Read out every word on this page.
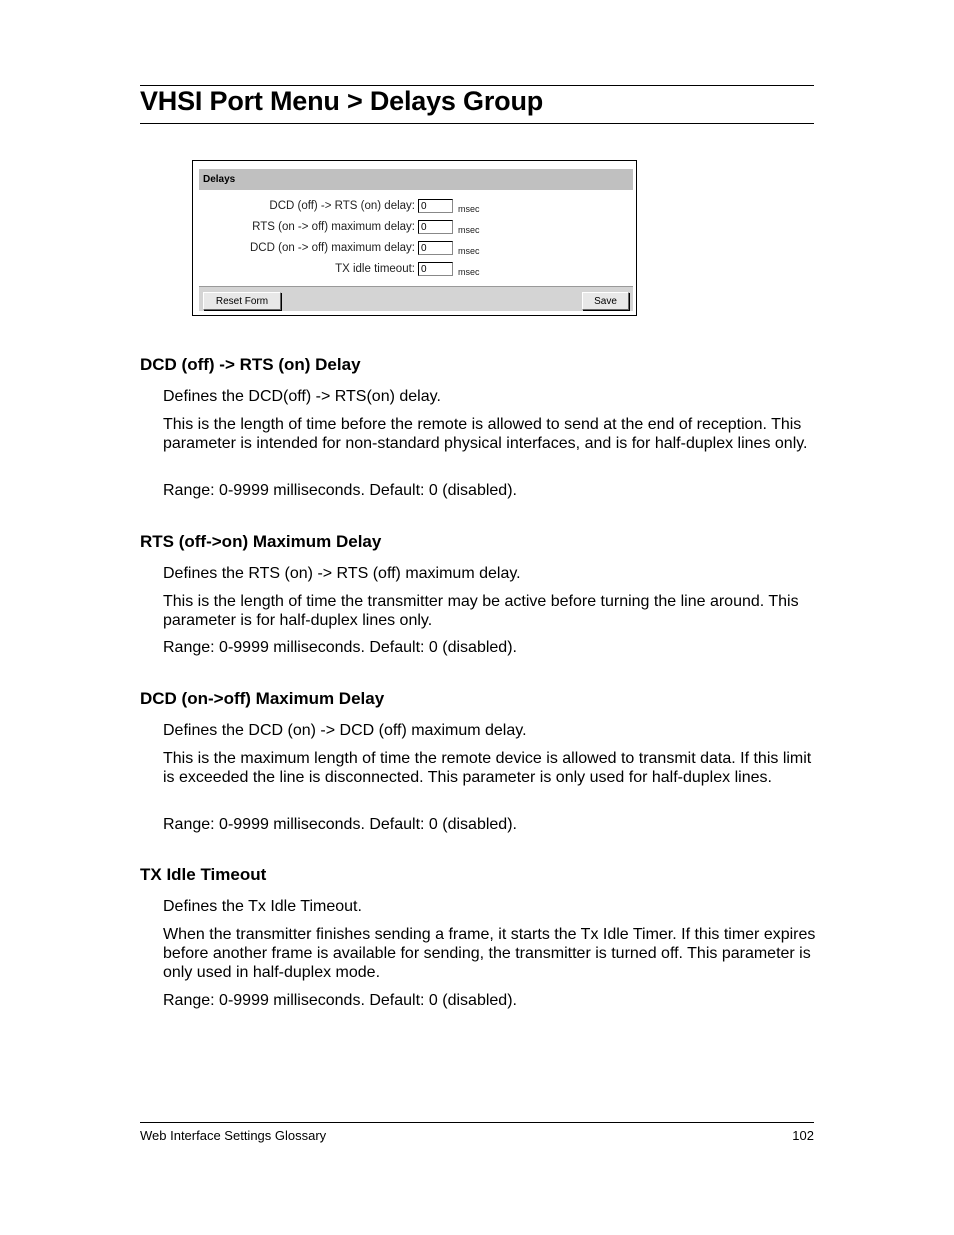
VHSI Port Menu > Delays Group
Delays
DCD (off) -> RTS (on) delay:
0	msec
RTS (on -> off) maximum delay:
0	msec
DCD (on -> off) maximum delay:
0	msec
TX idle timeout:
0	msec
Reset Form	Save
DCD (off) -> RTS (on) Delay

Defines the DCD(off) -> RTS(on) delay.

This is the length of time before the remote is allowed to send at the end of reception. This parameter is intended for non-standard physical interfaces, and is for half-duplex lines only.

Range: 0-9999 milliseconds. Default: 0 (disabled).

RTS (off->on) Maximum Delay

Defines the RTS (on) -> RTS (off) maximum delay.

This is the length of time the transmitter may be active before turning the line around. This parameter is for half-duplex lines only.

Range: 0-9999 milliseconds. Default: 0 (disabled).

DCD (on->off) Maximum Delay

Defines the DCD (on) -> DCD (off) maximum delay.

This is the maximum length of time the remote device is allowed to transmit data. If this limit is exceeded the line is disconnected. This parameter is only used for half-duplex lines.

Range: 0-9999 milliseconds. Default: 0 (disabled).

TX Idle Timeout

Defines the Tx Idle Timeout.

When the transmitter finishes sending a frame, it starts the Tx Idle Timer. If this timer expires before another frame is available for sending, the transmitter is turned off. This parameter is only used in half-duplex mode.

Range: 0-9999 milliseconds. Default: 0 (disabled).

Web Interface Settings Glossary	102
